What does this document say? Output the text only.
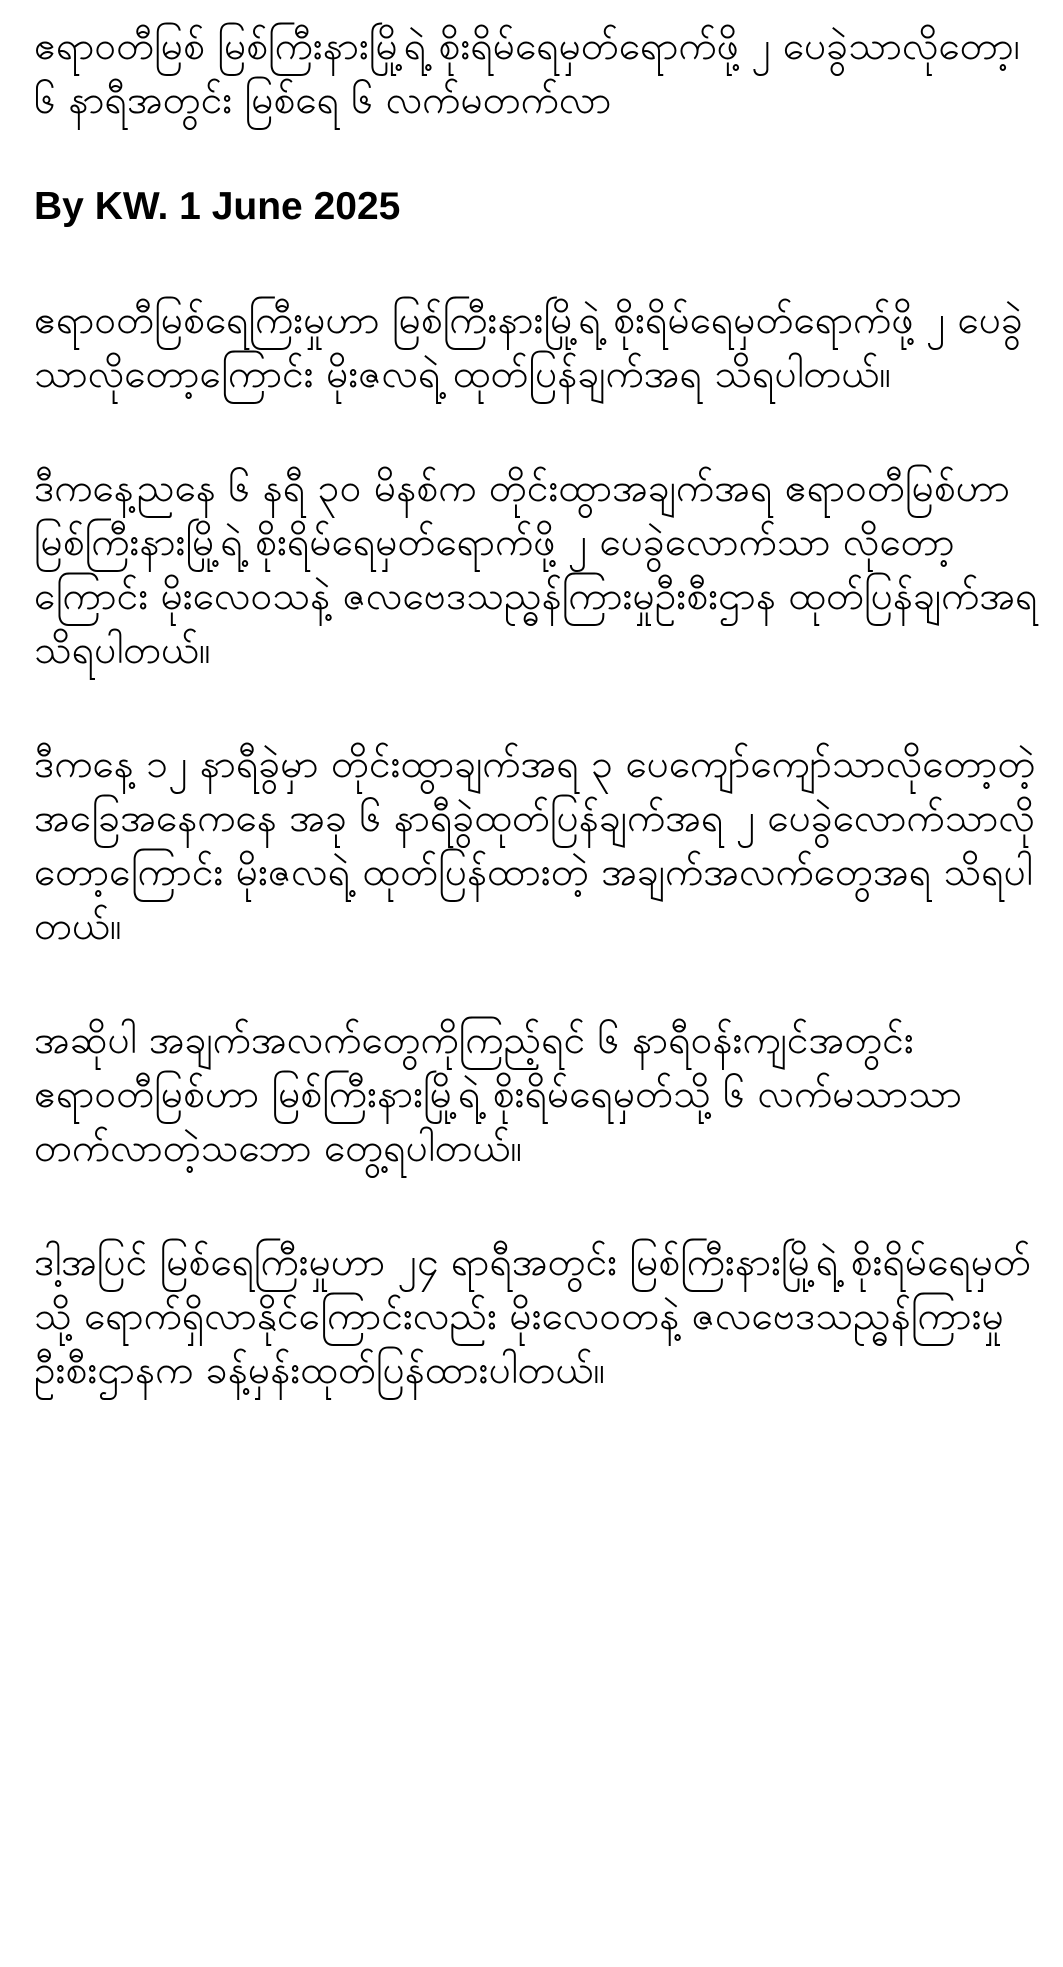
ဧရာဝတီမြစ် မြစ်ကြီးနားမြို့ရဲ့ စိုးရိမ်ရေမှတ်ရောက်ဖို့ ၂ ပေခွဲသာလိုတော့၊ ၆ နာရီအတွင်း မြစ်ရေ ၆ လက်မတက်လာ

By KW. 1 June 2025

ဧရာဝတီမြစ်ရေကြီးမှုဟာ မြစ်ကြီးနားမြို့ရဲ့ စိုးရိမ်ရေမှတ်ရောက်ဖို့ ၂ ပေခွဲသာလိုတော့ကြောင်း မိုးဇလရဲ့ ထုတ်ပြန်ချက်အရ သိရပါတယ်။

ဒီကနေ့ညနေ ၆ နရီ ၃၀ မိနစ်က တိုင်းထွာအချက်အရ ဧရာဝတီမြစ်ဟာ မြစ်ကြီးနားမြို့ရဲ့ စိုးရိမ်ရေမှတ်ရောက်ဖို့ ၂ ပေခွဲလောက်သာ လိုတော့ကြောင်း မိုးလေဝသနဲ့ ဇလဗေဒသည္ဓန်ကြားမှုဦးစီးဌာန ထုတ်ပြန်ချက်အရ သိရပါတယ်။

ဒီကနေ့ ၁၂ နာရီခွဲမှာ တိုင်းထွာချက်အရ ၃ ပေကျော်ကျော်သာလိုတော့တဲ့ အခြေအနေကနေ အခု ၆ နာရီခွဲထုတ်ပြန်ချက်အရ ၂ ပေခွဲလောက်သာလိုတော့ကြောင်း မိုးဇလရဲ့ ထုတ်ပြန်ထားတဲ့ အချက်အလက်တွေအရ သိရပါတယ်။

အဆိုပါ အချက်အလက်တွေကိုကြည့်ရင် ၆ နာရီဝန်းကျင်အတွင်း ဧရာဝတီမြစ်ဟာ မြစ်ကြီးနားမြို့ရဲ့ စိုးရိမ်ရေမှတ်သို့ ၆ လက်မသာသာ တက်လာတဲ့သဘော တွေ့ရပါတယ်။

ဒါ့အပြင် မြစ်ရေကြီးမှုဟာ ၂၄ ရာရီအတွင်း မြစ်ကြီးနားမြို့ရဲ့ စိုးရိမ်ရေမှတ်သို့ ရောက်ရှိလာနိုင်ကြောင်းလည်း မိုးလေဝတနဲ့ ဇလဗေဒသည္ဓန်ကြားမှုဦးစီးဌာနက ခန့်မှန်းထုတ်ပြန်ထားပါတယ်။
